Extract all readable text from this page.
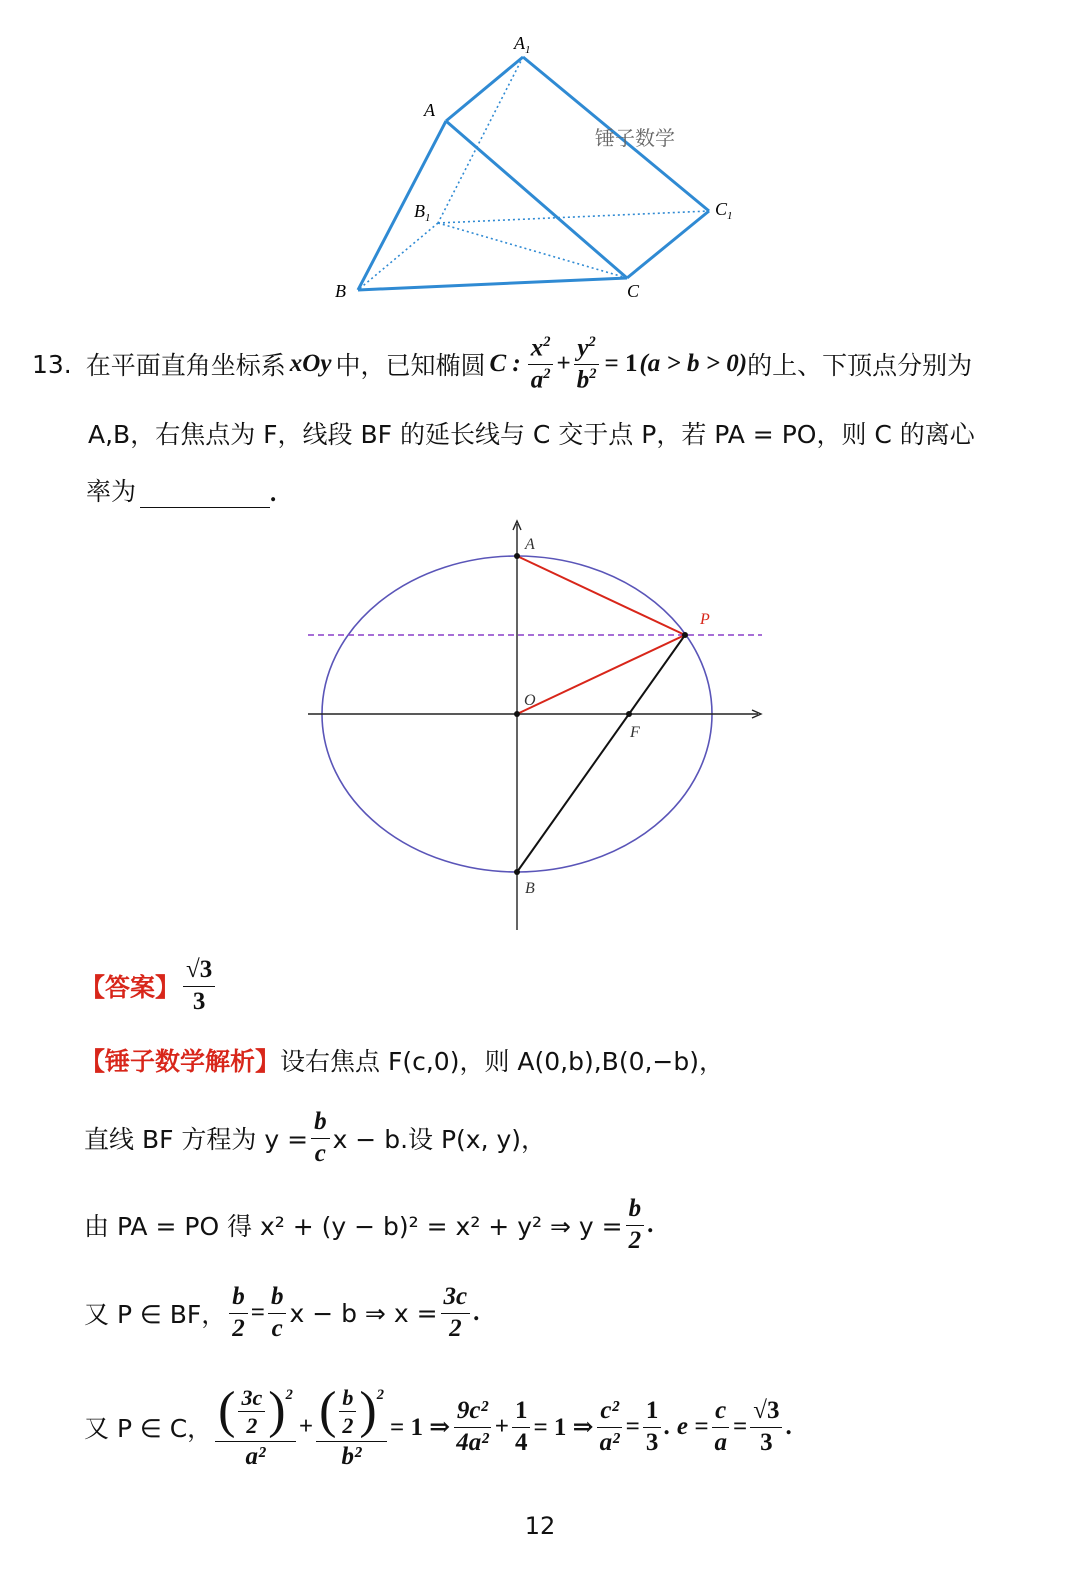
$A_1$
A
$B_1$	$C_1$
B	C
锤子数学
13. 在平面直角坐标系 xOy 中，已知椭圆 C : $\frac{x^2}{a^2} + \frac{y^2}{b^2} = 1$ (a > b > 0) 的上、下顶点分别为
A,B，右焦点为 F，线段 BF 的延长线与 C 交于点 P，若 PA = PO，则 C 的离心
率为	.
A
P
O
F
B
【答案】 $\frac{√3}{3}$
【锤子数学解析】 设右焦点 F(c,0)，则 A(0,b),B(0,−b)，
直线 BF 方程为 $y = \frac{b}{c}$ x − b.设 P(x, y)，
由 PA = PO 得 x² + (y − b)² = x² + y² ⇒ $y = \frac{b}{2}$ .
又 P ∈ BF， $\frac{b}{2} = \frac{b}{c}$ x − b ⇒ $x = \frac{3c}{2}$ .
又 P ∈ C， $\frac{( \frac{3c}{2} )^2}{\text{a²}} + \frac{( \frac{b}{2} )^2}{\text{b²}} = 1$ ⇒ $\frac{\text{9c²}}{\text{4a²}} + \frac{1}{4} = 1$ ⇒ $\frac{\text{c²}}{\text{a²}} = \frac{1}{3}$ . $e = \frac{c}{a} = \frac{√3}{3}$ .
12
